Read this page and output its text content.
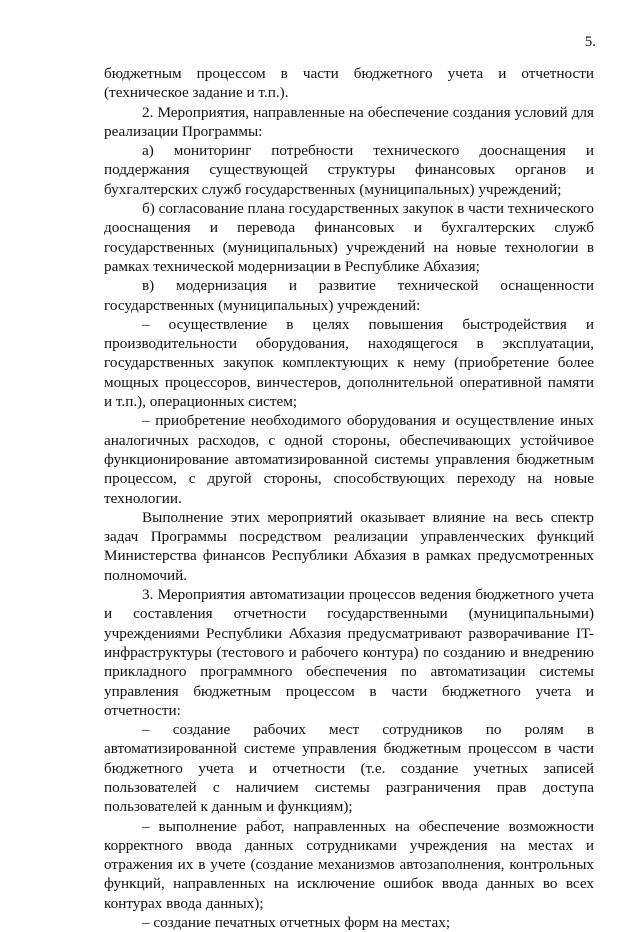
5.

бюджетным процессом в части бюджетного учета и отчетности (техническое задание и т.п.).

2. Мероприятия, направленные на обеспечение создания условий для реализации Программы:

а) мониторинг потребности технического дооснащения и поддержания существующей структуры финансовых органов и бухгалтерских служб государственных (муниципальных) учреждений;

б) согласование плана государственных закупок в части технического дооснащения и перевода финансовых и бухгалтерских служб государственных (муниципальных) учреждений на новые технологии в рамках технической модернизации в Республике Абхазия;

в) модернизация и развитие технической оснащенности государственных (муниципальных) учреждений:

– осуществление в целях повышения быстродействия и производительности оборудования, находящегося в эксплуатации, государственных закупок комплектующих к нему (приобретение более мощных процессоров, винчестеров, дополнительной оперативной памяти и т.п.), операционных систем;

– приобретение необходимого оборудования и осуществление иных аналогичных расходов, с одной стороны, обеспечивающих устойчивое функционирование автоматизированной системы управления бюджетным процессом, с другой стороны, способствующих переходу на новые технологии.

Выполнение этих мероприятий оказывает влияние на весь спектр задач Программы посредством реализации управленческих функций Министерства финансов Республики Абхазия в рамках предусмотренных полномочий.

3. Мероприятия автоматизации процессов ведения бюджетного учета и составления отчетности государственными (муниципальными) учреждениями Республики Абхазия предусматривают разворачивание IT-инфраструктуры (тестового и рабочего контура) по созданию и внедрению прикладного программного обеспечения по автоматизации системы управления бюджетным процессом в части бюджетного учета и отчетности:

– создание рабочих мест сотрудников по ролям в автоматизированной системе управления бюджетным процессом в части бюджетного учета и отчетности (т.е. создание учетных записей пользователей с наличием системы разграничения прав доступа пользователей к данным и функциям);

– выполнение работ, направленных на обеспечение возможности корректного ввода данных сотрудниками учреждения на местах и отражения их в учете (создание механизмов автозаполнения, контрольных функций, направленных на исключение ошибок ввода данных во всех контурах ввода данных);

– создание печатных отчетных форм на местах;
